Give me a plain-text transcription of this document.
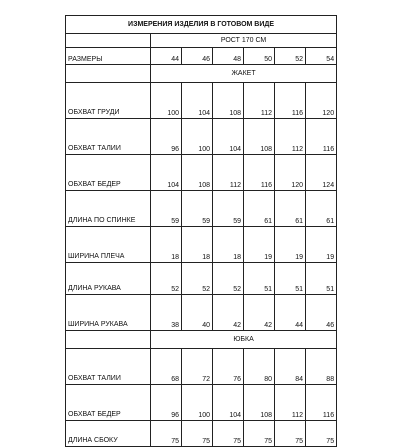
ИЗМЕРЕНИЯ ИЗДЕЛИЯ В ГОТОВОМ ВИДЕ						
	РОСТ 170 СМ					
РАЗМЕРЫ	44	46	48	50	52	54
	ЖАКЕТ					
ОБХВАТ ГРУДИ	100	104	108	112	116	120
ОБХВАТ ТАЛИИ	96	100	104	108	112	116
ОБХВАТ БЕДЕР	104	108	112	116	120	124
ДЛИНА ПО СПИНКЕ	59	59	59	61	61	61
ШИРИНА ПЛЕЧА	18	18	18	19	19	19
ДЛИНА РУКАВА	52	52	52	51	51	51
ШИРИНА РУКАВА	38	40	42	42	44	46
	ЮБКА					
ОБХВАТ ТАЛИИ	68	72	76	80	84	88
ОБХВАТ БЕДЕР	96	100	104	108	112	116
ДЛИНА СБОКУ	75	75	75	75	75	75
